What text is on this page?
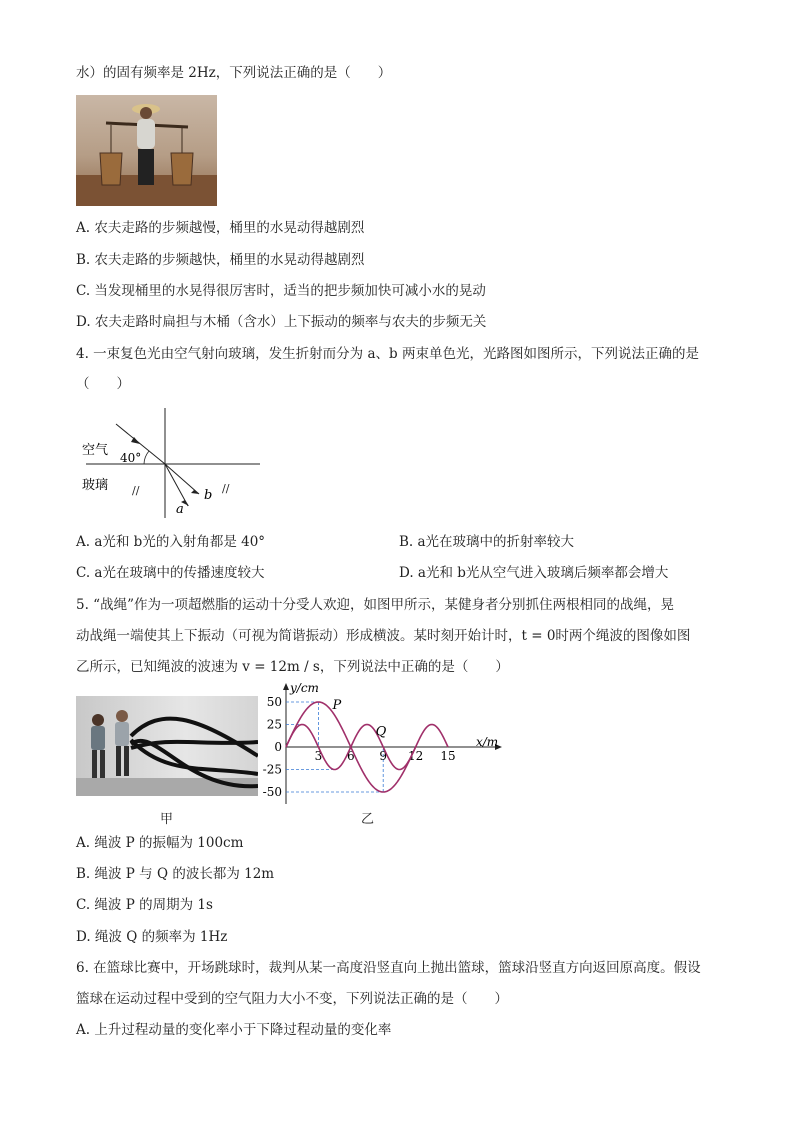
水）的固有频率是 2Hz，下列说法正确的是（　　）
A. 农夫走路的步频越慢，桶里的水晃动得越剧烈
B. 农夫走路的步频越快，桶里的水晃动得越剧烈
C. 当发现桶里的水晃得很厉害时，适当的把步频加快可减小水的晃动
D. 农夫走路时扁担与木桶（含水）上下振动的频率与农夫的步频无关
4. 一束复色光由空气射向玻璃，发生折射而分为 a、b 两束单色光，光路图如图所示，下列说法正确的是
（　　）
空气 40°
玻璃 //	//
a
b
A. a光和 b光的入射角都是 40°	B. a光在玻璃中的折射率较大
C. a光在玻璃中的传播速度较大	D. a光和 b光从空气进入玻璃后频率都会增大
5. “战绳”作为一项超燃脂的运动十分受人欢迎，如图甲所示，某健身者分别抓住两根相同的战绳，晃
动战绳一端使其上下振动（可视为简谐振动）形成横波。某时刻开始计时，t = 0时两个绳波的图像如图
乙所示，已知绳波的波速为 v = 12m / s，下列说法中正确的是（　　）
甲
y/cm
x/m
50
25
0
-25
-50
3 6 9 12 15
P
Q
乙
A. 绳波 P 的振幅为 100cm
B. 绳波 P 与 Q 的波长都为 12m
C. 绳波 P 的周期为 1s
D. 绳波 Q 的频率为 1Hz
6. 在篮球比赛中，开场跳球时，裁判从某一高度沿竖直向上抛出篮球，篮球沿竖直方向返回原高度。假设
篮球在运动过程中受到的空气阻力大小不变，下列说法正确的是（　　）
A. 上升过程动量的变化率小于下降过程动量的变化率
